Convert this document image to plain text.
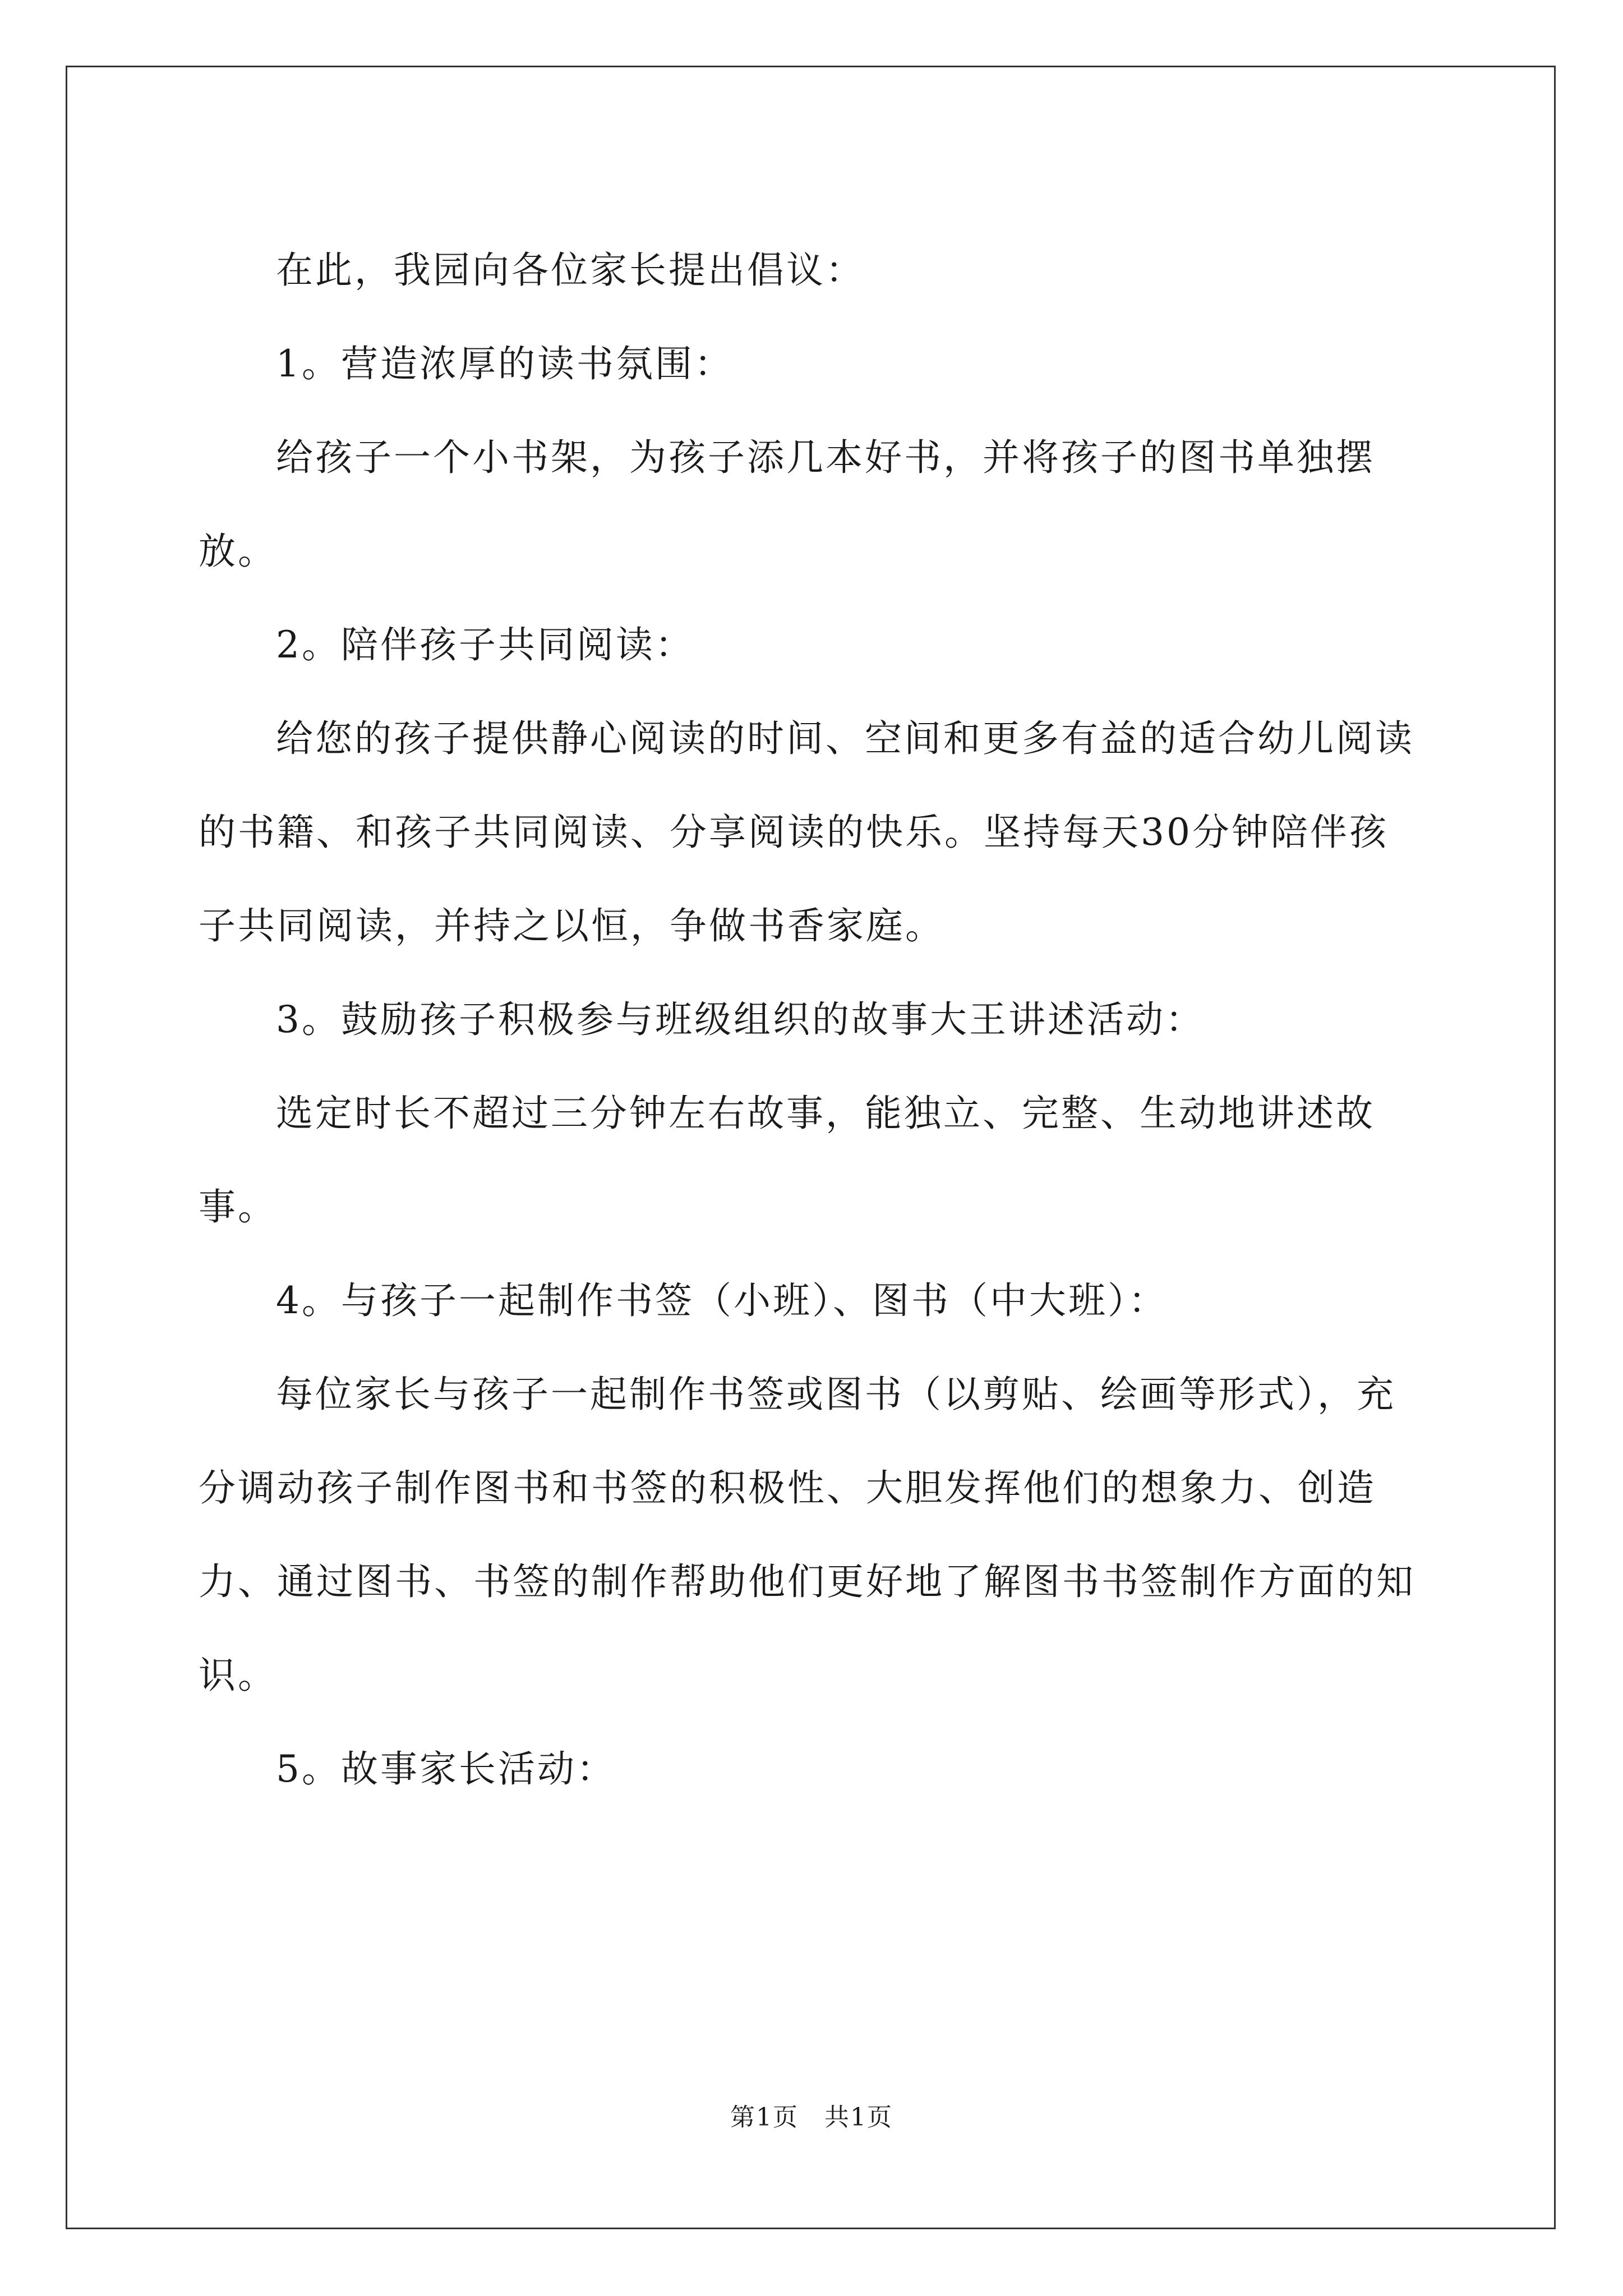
在此，我园向各位家长提出倡议：

1。营造浓厚的读书氛围：

给孩子一个小书架，为孩子添几本好书，并将孩子的图书单独摆放。

2。陪伴孩子共同阅读：

给您的孩子提供静心阅读的时间、空间和更多有益的适合幼儿阅读的书籍、和孩子共同阅读、分享阅读的快乐。坚持每天30分钟陪伴孩子共同阅读，并持之以恒，争做书香家庭。

3。鼓励孩子积极参与班级组织的故事大王讲述活动：

选定时长不超过三分钟左右故事，能独立、完整、生动地讲述故事。

4。与孩子一起制作书签（小班）、图书（中大班）：

每位家长与孩子一起制作书签或图书（以剪贴、绘画等形式），充分调动孩子制作图书和书签的积极性、大胆发挥他们的想象力、创造力、通过图书、书签的制作帮助他们更好地了解图书书签制作方面的知识。

5。故事家长活动：

第1页　共1页
